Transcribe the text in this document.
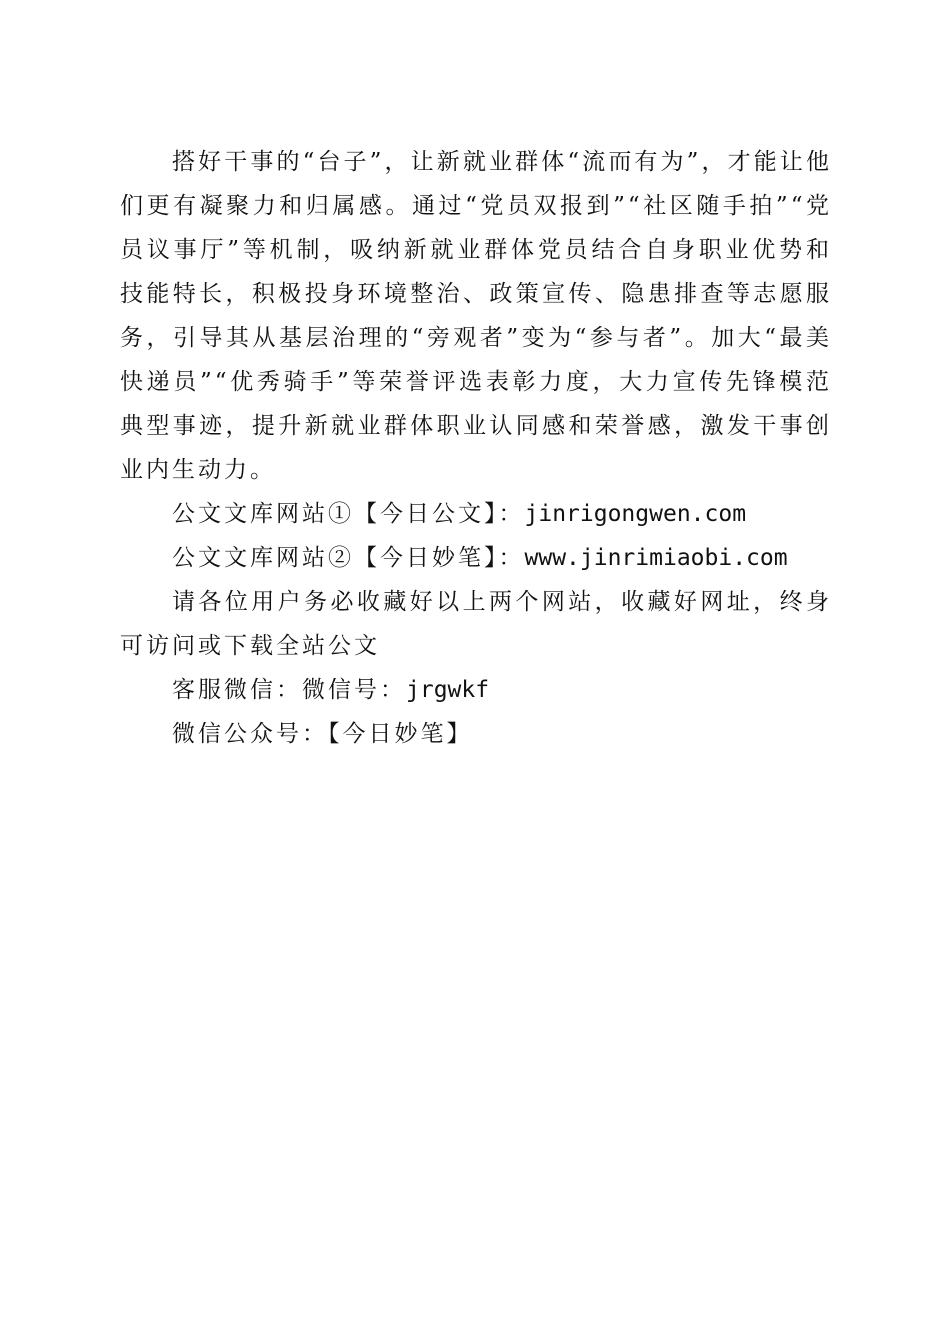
搭好干事的“台子”，让新就业群体“流而有为”，才能让他们更有凝聚力和归属感。通过“党员双报到”“社区随手拍”“党员议事厅”等机制，吸纳新就业群体党员结合自身职业优势和技能特长，积极投身环境整治、政策宣传、隐患排查等志愿服务，引导其从基层治理的“旁观者”变为“参与者”。加大“最美快递员”“优秀骑手”等荣誉评选表彰力度，大力宣传先锋模范典型事迹，提升新就业群体职业认同感和荣誉感，激发干事创业内生动力。

公文文库网站①【今日公文】：jinrigongwen.com

公文文库网站②【今日妙笔】：www.jinrimiaobi.com

请各位用户务必收藏好以上两个网站，收藏好网址，终身可访问或下载全站公文

客服微信：微信号：jrgwkf

微信公众号：【今日妙笔】
